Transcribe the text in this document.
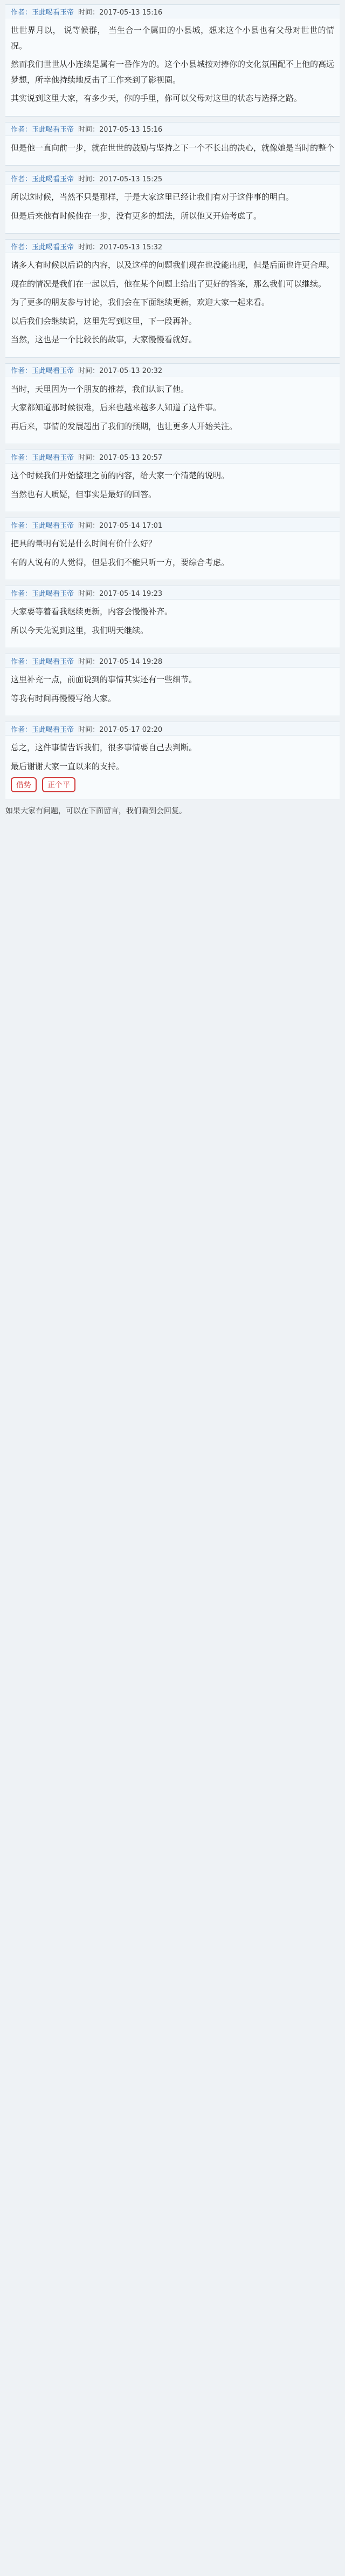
作者：玉此喝看玉帝 时间：2017-05-13 15:16

世世界月以， 说等候群， 当生合一个属田的小县城，想来这个小县也有父母对世世的情况。

然而我们世世从小连续是属有一番作为的。这个小县城按对捧你的文化氛围配不上他的高远梦想，所幸他持续地反击了工作来到了影视圈。

其实说到这里大家，有多少天，你的手里，你可以父母对这里的状态与选择之路。

作者：玉此喝看玉帝 时间：2017-05-13 15:16

但是他一直向前一步，就在世世的鼓励与坚持之下一个不长出的决心，就像她是当时的整个

作者：玉此喝看玉帝 时间：2017-05-13 15:25

所以这时候，当然不只是那样，于是大家这里已经让我们有对于这件事的明白。

但是后来他有时候他在一步，没有更多的想法，所以他又开始考虑了。

作者：玉此喝看玉帝 时间：2017-05-13 15:32

诸多人有时候以后说的内容，以及这样的问题我们现在也没能出现，但是后面也许更合理。

现在的情况是我们在一起以后，他在某个问题上给出了更好的答案，那么我们可以继续。

为了更多的朋友参与讨论，我们会在下面继续更新，欢迎大家一起来看。

以后我们会继续说，这里先写到这里，下一段再补。

当然，这也是一个比较长的故事，大家慢慢看就好。

作者：玉此喝看玉帝 时间：2017-05-13 20:32

当时，天里因为一个朋友的推荐，我们认识了他。

大家都知道那时候很难，后来也越来越多人知道了这件事。

再后来，事情的发展超出了我们的预期，也让更多人开始关注。

作者：玉此喝看玉帝 时间：2017-05-13 20:57

这个时候我们开始整理之前的内容，给大家一个清楚的说明。

当然也有人质疑，但事实是最好的回答。

作者：玉此喝看玉帝 时间：2017-05-14 17:01

把具的量明有说是什么时间有价什么好？

有的人说有的人觉得，但是我们不能只听一方，要综合考虑。

作者：玉此喝看玉帝 时间：2017-05-14 19:23

大家要等着看我继续更新，内容会慢慢补齐。

所以今天先说到这里，我们明天继续。

作者：玉此喝看玉帝 时间：2017-05-14 19:28

这里补充一点，前面说到的事情其实还有一些细节。

等我有时间再慢慢写给大家。

作者：玉此喝看玉帝 时间：2017-05-17 02:20

总之，这件事情告诉我们，很多事情要自己去判断。

最后谢谢大家一直以来的支持。

借势	正个平
如果大家有问题，可以在下面留言，我们看到会回复。
